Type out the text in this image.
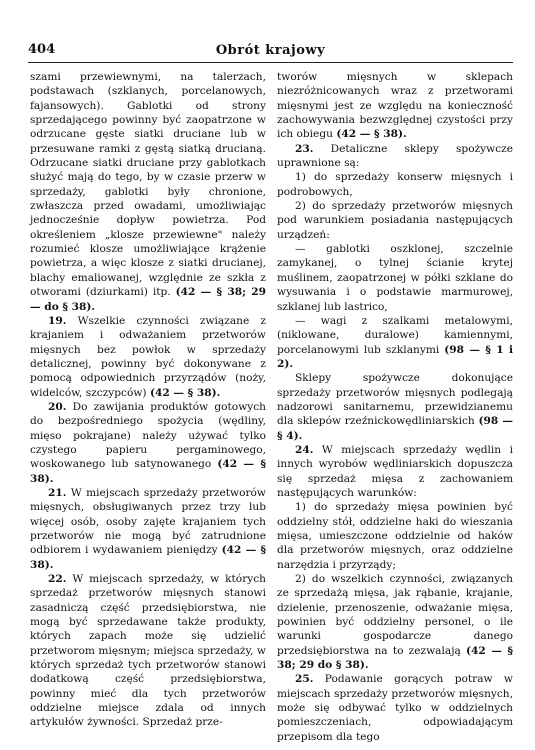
404	Obrót krajowy

szami przewiewnymi, na talerzach, podstawach (szklanych, porcelanowych, fajansowych). Gablotki od strony sprzedającego powinny być zaopatrzone w odrzucane gęste siatki druciane lub w przesuwane ramki z gęstą siatką drucianą. Odrzucane siatki druciane przy gablotkach służyć mają do tego, by w czasie przerw w sprzedaży, gablotki były chronione, zwłaszcza przed owadami, umożliwiając jednocześnie dopływ powietrza. Pod określeniem „klosze przewiewne" należy rozumieć klosze umożliwiające krążenie powietrza, a więc klosze z siatki drucianej, blachy emaliowanej, względnie ze szkła z otworami (dziurkami) itp. (42 — § 38; 29 — do § 38).

19. Wszelkie czynności związane z krajaniem i odważaniem przetworów mięsnych bez powłok w sprzedaży detalicznej, powinny być dokonywane z pomocą odpowiednich przyrządów (noży, widelców, szczypców) (42 — § 38).

20. Do zawijania produktów gotowych do bezpośredniego spożycia (wędliny, mięso pokrajane) należy używać tylko czystego papieru pergaminowego, woskowanego lub satynowanego (42 — § 38).

21. W miejscach sprzedaży przetworów mięsnych, obsługiwanych przez trzy lub więcej osób, osoby zajęte krajaniem tych przetworów nie mogą być zatrudnione odbiorem i wydawaniem pieniędzy (42 — § 38).

22. W miejscach sprzedaży, w których sprzedaż przetworów mięsnych stanowi zasadniczą część przedsiębiorstwa, nie mogą być sprzedawane także produkty, których zapach może się udzielić przetworom mięsnym; miejsca sprzedaży, w których sprzedaż tych przetworów stanowi dodatkową część przedsiębiorstwa, powinny mieć dla tych przetworów oddzielne miejsce zdala od innych artykułów żywności. Sprzedaż prze-

tworów mięsnych w sklepach niezróżnicowanych wraz z przetworami mięsnymi jest ze względu na konieczność zachowywania bezwzględnej czystości przy ich obiegu (42 — § 38).

23. Detaliczne sklepy spożywcze uprawnione są:

1) do sprzedaży konserw mięsnych i podrobowych,

2) do sprzedaży przetworów mięsnych pod warunkiem posiadania następujących urządzeń:

— gablotki oszklonej, szczelnie zamykanej, o tylnej ścianie krytej muślinem, zaopatrzonej w półki szklane do wysuwania i o podstawie marmurowej, szklanej lub lastrico,

— wagi z szalkami metalowymi, (niklowane, duralowe) kamiennymi, porcelanowymi lub szklanymi (98 — § 1 i 2).

Sklepy spożywcze dokonujące sprzedaży przetworów mięsnych podlegają nadzorowi sanitarnemu, przewidzianemu dla sklepów rzeźnickowędliniarskich (98 — § 4).

24. W miejscach sprzedaży wędlin i innych wyrobów wędliniarskich dopuszcza się sprzedaż mięsa z zachowaniem następujących warunków:

1) do sprzedaży mięsa powinien być oddzielny stół, oddzielne haki do wieszania mięsa, umieszczone oddzielnie od haków dla przetworów mięsnych, oraz oddzielne narzędzia i przyrządy;

2) do wszelkich czynności, związanych ze sprzedażą mięsa, jak rąbanie, krajanie, dzielenie, przenoszenie, odważanie mięsa, powinien być oddzielny personel, o ile warunki gospodarcze danego przedsiębiorstwa na to zezwalają (42 — § 38; 29 do § 38).

25. Podawanie gorących potraw w miejscach sprzedaży przetworów mięsnych, może się odbywać tylko w oddzielnych pomieszczeniach, odpowiadającym przepisom dla tego
